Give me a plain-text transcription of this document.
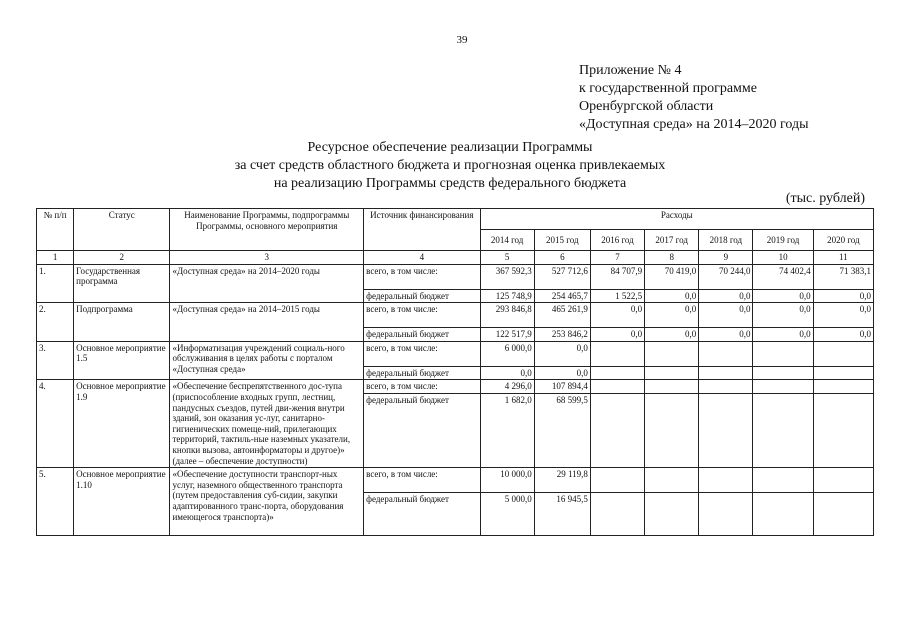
39
Приложение № 4
к государственной программе
Оренбургской области
«Доступная среда» на 2014–2020 годы
Ресурсное обеспечение реализации Программы
за счет средств областного бюджета и прогнозная оценка привлекаемых
на реализацию Программы средств федерального бюджета
(тыс. рублей)
№ п/п	Статус	Наименование Программы, подпрограммы Программы, основного мероприятия	Источник финансирования	Расходы						
				2014 год	2015 год	2016 год	2017 год	2018 год	2019 год	2020 год
1	2	3	4	5	6	7	8	9	10	11
1.	Государственная программа	«Доступная среда» на 2014–2020 годы	всего, в том числе:	367 592,3	527 712,6	84 707,9	70 419,0	70 244,0	74 402,4	71 383,1
			федеральный бюджет	125 748,9	254 465,7	1 522,5	0,0	0,0	0,0	0,0
2.	Подпрограмма	«Доступная среда» на 2014–2015 годы	всего, в том числе:	293 846,8	465 261,9	0,0	0,0	0,0	0,0	0,0
			федеральный бюджет	122 517,9	253 846,2	0,0	0,0	0,0	0,0	0,0
3.	Основное мероприятие 1.5	«Информатизация учреждений социаль-ного обслуживания в целях работы с порталом «Доступная среда»	всего, в том числе:	6 000,0	0,0					
			федеральный бюджет	0,0	0,0					
4.	Основное мероприятие 1.9	«Обеспечение беспрепятственного дос-тупа (приспособление входных групп, лестниц, пандусных съездов, путей дви-жения внутри зданий, зон оказания ус-луг, санитарно-гигиенических помеще-ний, прилегающих территорий, тактиль-ные наземных указатели, кнопки вызова, автоинформаторы и другое)» (далее – обеспечение доступности)	всего, в том числе:	4 296,0	107 894,4					
			федеральный бюджет	1 682,0	68 599,5					
5.	Основное мероприятие 1.10	«Обеспечение доступности транспорт-ных услуг, наземного общественного транспорта (путем предоставления суб-сидии, закупки адаптированного транс-порта, оборудования имеющегося транспорта)»	всего, в том числе:	10 000,0	29 119,8					
			федеральный бюджет	5 000,0	16 945,5					
